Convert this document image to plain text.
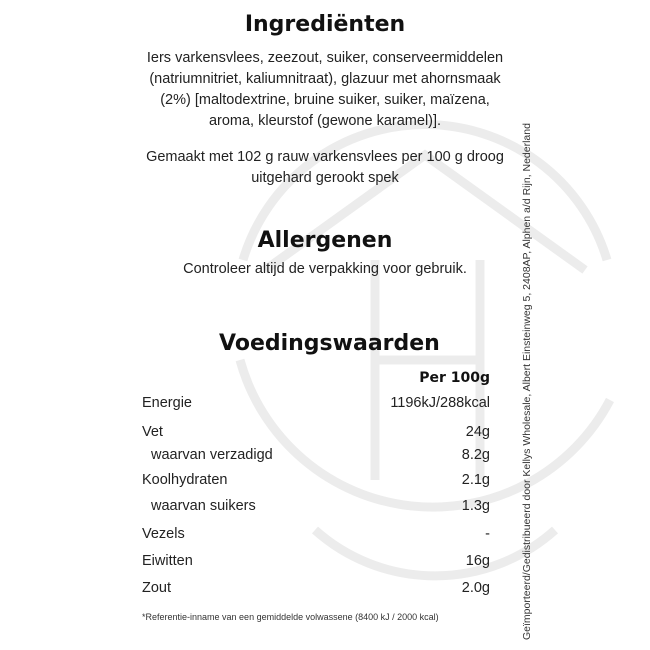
Ingrediënten

Iers varkensvlees, zeezout, suiker, conserveermiddelen
(natriumnitriet, kaliumnitraat), glazuur met ahornsmaak
(2%) [maltodextrine, bruine suiker, suiker, maïzena,
aroma, kleurstof (gewone karamel)].

Gemaakt met 102 g rauw varkensvlees per 100 g droog
uitgehard gerookt spek

Allergenen

Controleer altijd de verpakking voor gebruik.

Voedingswaarden
Per 100g
Energie	1196kJ/288kcal
Vet	24g
waarvan verzadigd	8.2g
Koolhydraten	2.1g
waarvan suikers	1.3g
Vezels	-
Eiwitten	16g
Zout	2.0g
*Referentie-inname van een gemiddelde volwassene (8400 kJ / 2000 kcal)	Geïmporteerd/Gedistribueerd door Kellys Wholesale, Albert Einsteinweg 5, 2408AP, Alphen a/d Rijn, Nederland
